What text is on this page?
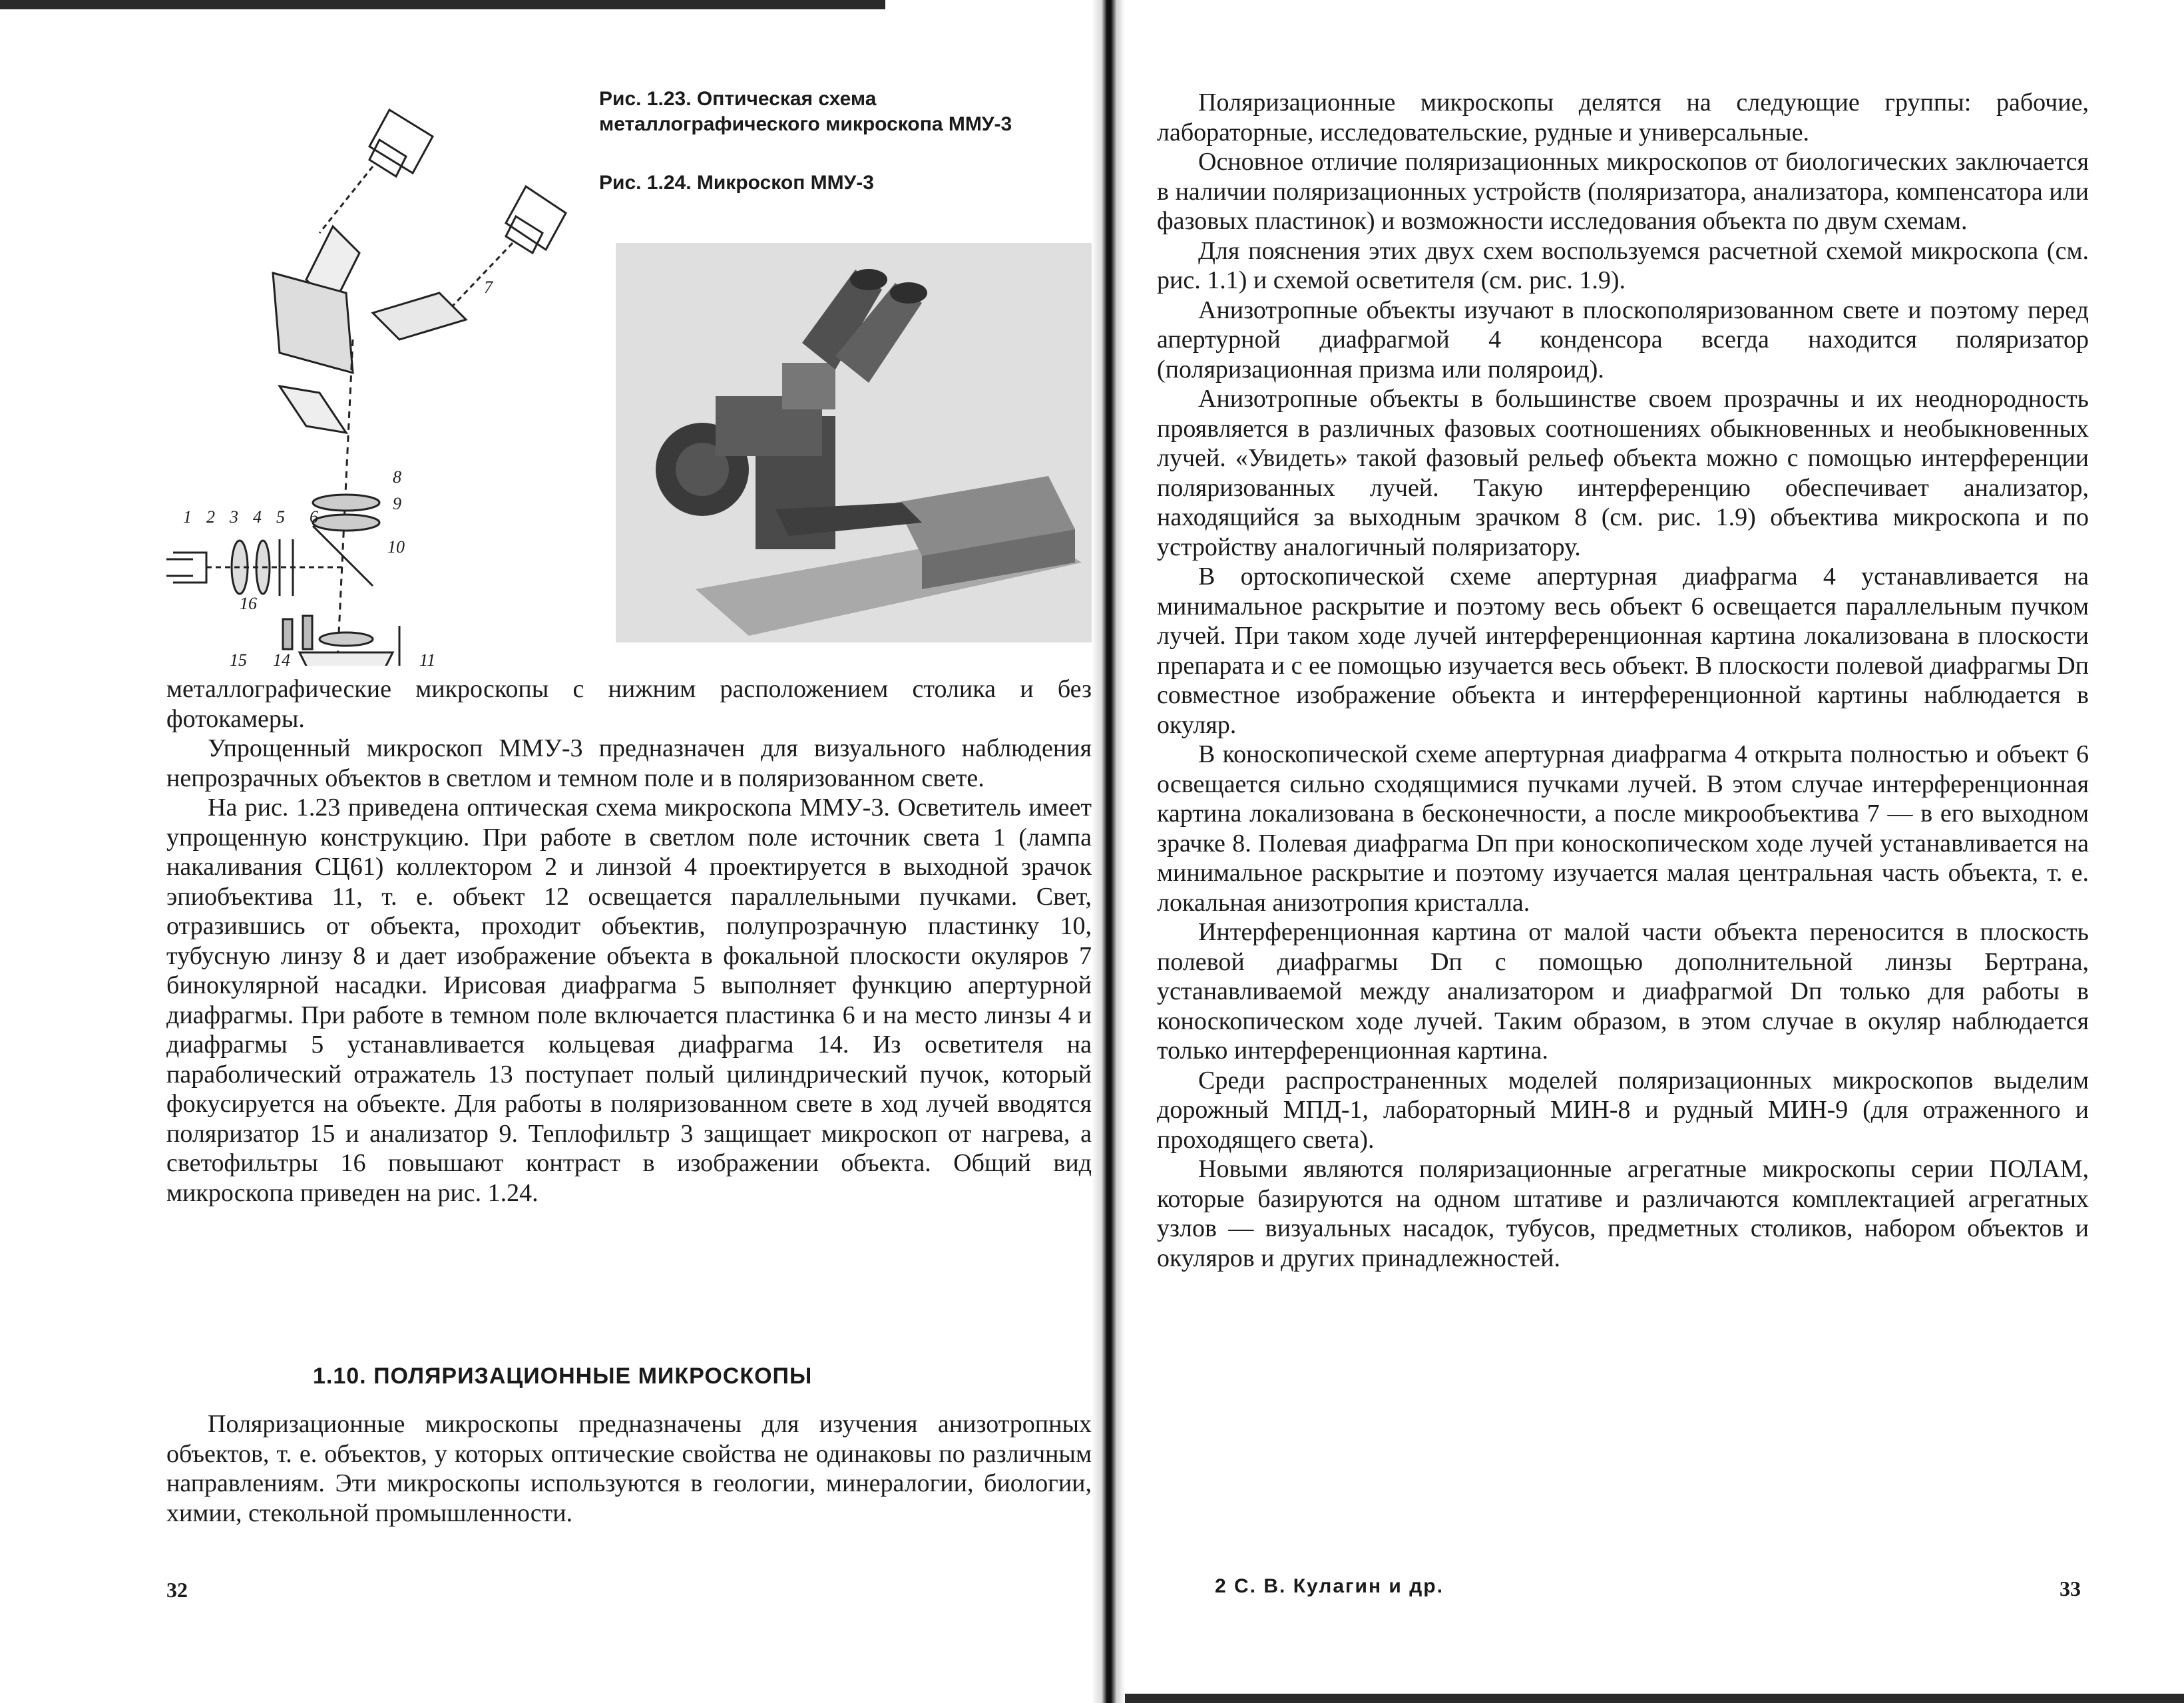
1 2 3 4 5 6
7
8
9
10
11
14
15
16
Рис. 1.23. Оптическая схема металлографического микроскопа ММУ-3
Рис. 1.24. Микроскоп ММУ-3

металлографические микроскопы с нижним расположением столика и без фотокамеры.

Упрощенный микроскоп ММУ-3 предназначен для визуального наблюдения непрозрачных объектов в светлом и темном поле и в поляризованном свете.

На рис. 1.23 приведена оптическая схема микроскопа ММУ-3. Осветитель имеет упрощенную конструкцию. При работе в светлом поле источник света 1 (лампа накаливания СЦ61) коллектором 2 и линзой 4 проектируется в выходной зрачок эпиобъектива 11, т. е. объект 12 освещается параллельными пучками. Свет, отразившись от объекта, проходит объектив, полупрозрачную пластинку 10, тубусную линзу 8 и дает изображение объекта в фокальной плоскости окуляров 7 бинокулярной насадки. Ирисовая диафрагма 5 выполняет функцию апертурной диафрагмы. При работе в темном поле включается пластинка 6 и на место линзы 4 и диафрагмы 5 устанавливается кольцевая диафрагма 14. Из осветителя на параболический отражатель 13 поступает полый цилиндрический пучок, который фокусируется на объекте. Для работы в поляризованном свете в ход лучей вводятся поляризатор 15 и анализатор 9. Теплофильтр 3 защищает микроскоп от нагрева, а светофильтры 16 повышают контраст в изображении объекта. Общий вид микроскопа приведен на рис. 1.24.

1.10. ПОЛЯРИЗАЦИОННЫЕ МИКРОСКОПЫ

Поляризационные микроскопы предназначены для изучения анизотропных объектов, т. е. объектов, у которых оптические свойства не одинаковы по различным направлениям. Эти микроскопы используются в геологии, минералогии, биологии, химии, стекольной промышленности.

32

Поляризационные микроскопы делятся на следующие группы: рабочие, лабораторные, исследовательские, рудные и универсальные.

Основное отличие поляризационных микроскопов от биологических заключается в наличии поляризационных устройств (поляризатора, анализатора, компенсатора или фазовых пластинок) и возможности исследования объекта по двум схемам.

Для пояснения этих двух схем воспользуемся расчетной схемой микроскопа (см. рис. 1.1) и схемой осветителя (см. рис. 1.9).

Анизотропные объекты изучают в плоскополяризованном свете и поэтому перед апертурной диафрагмой 4 конденсора всегда находится поляризатор (поляризационная призма или поляроид).

Анизотропные объекты в большинстве своем прозрачны и их неоднородность проявляется в различных фазовых соотношениях обыкновенных и необыкновенных лучей. «Увидеть» такой фазовый рельеф объекта можно с помощью интерференции поляризованных лучей. Такую интерференцию обеспечивает анализатор, находящийся за выходным зрачком 8 (см. рис. 1.9) объектива микроскопа и по устройству аналогичный поляризатору.

В ортоскопической схеме апертурная диафрагма 4 устанавливается на минимальное раскрытие и поэтому весь объект 6 освещается параллельным пучком лучей. При таком ходе лучей интерференционная картина локализована в плоскости препарата и с ее помощью изучается весь объект. В плоскости полевой диафрагмы Dп совместное изображение объекта и интерференционной картины наблюдается в окуляр.

В коноскопической схеме апертурная диафрагма 4 открыта полностью и объект 6 освещается сильно сходящимися пучками лучей. В этом случае интерференционная картина локализована в бесконечности, а после микрообъектива 7 — в его выходном зрачке 8. Полевая диафрагма Dп при коноскопическом ходе лучей устанавливается на минимальное раскрытие и поэтому изучается малая центральная часть объекта, т. е. локальная анизотропия кристалла.

Интерференционная картина от малой части объекта переносится в плоскость полевой диафрагмы Dп с помощью дополнительной линзы Бертрана, устанавливаемой между анализатором и диафрагмой Dп только для работы в коноскопическом ходе лучей. Таким образом, в этом случае в окуляр наблюдается только интерференционная картина.

Среди распространенных моделей поляризационных микроскопов выделим дорожный МПД-1, лабораторный МИН-8 и рудный МИН-9 (для отраженного и проходящего света).

Новыми являются поляризационные агрегатные микроскопы серии ПОЛАМ, которые базируются на одном штативе и различаются комплектацией агрегатных узлов — визуальных насадок, тубусов, предметных столиков, набором объектов и окуляров и других принадлежностей.

2 С. В. Кулагин и др.	33
